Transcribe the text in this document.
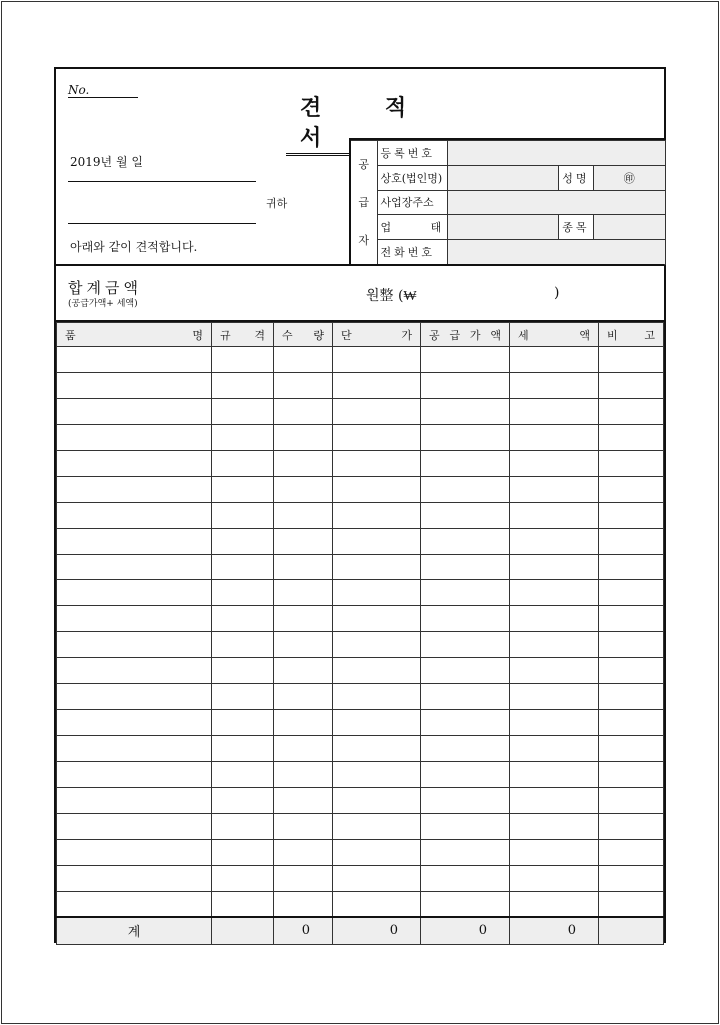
No.
견 적 서
2019년 월 일
귀하
아래와 같이 견적합니다.
공
급
자	등록번호			
	상호(법인명)		성명	㊞
	사업장주소			
	업 태		종목	
	전화번호			
합계금액
(공급가액+ 세액)	원整 (₩	)
품 명	규 격	수 량	단 가	공 급 가 액	세 액	비 고

계		0	0	0	0	
